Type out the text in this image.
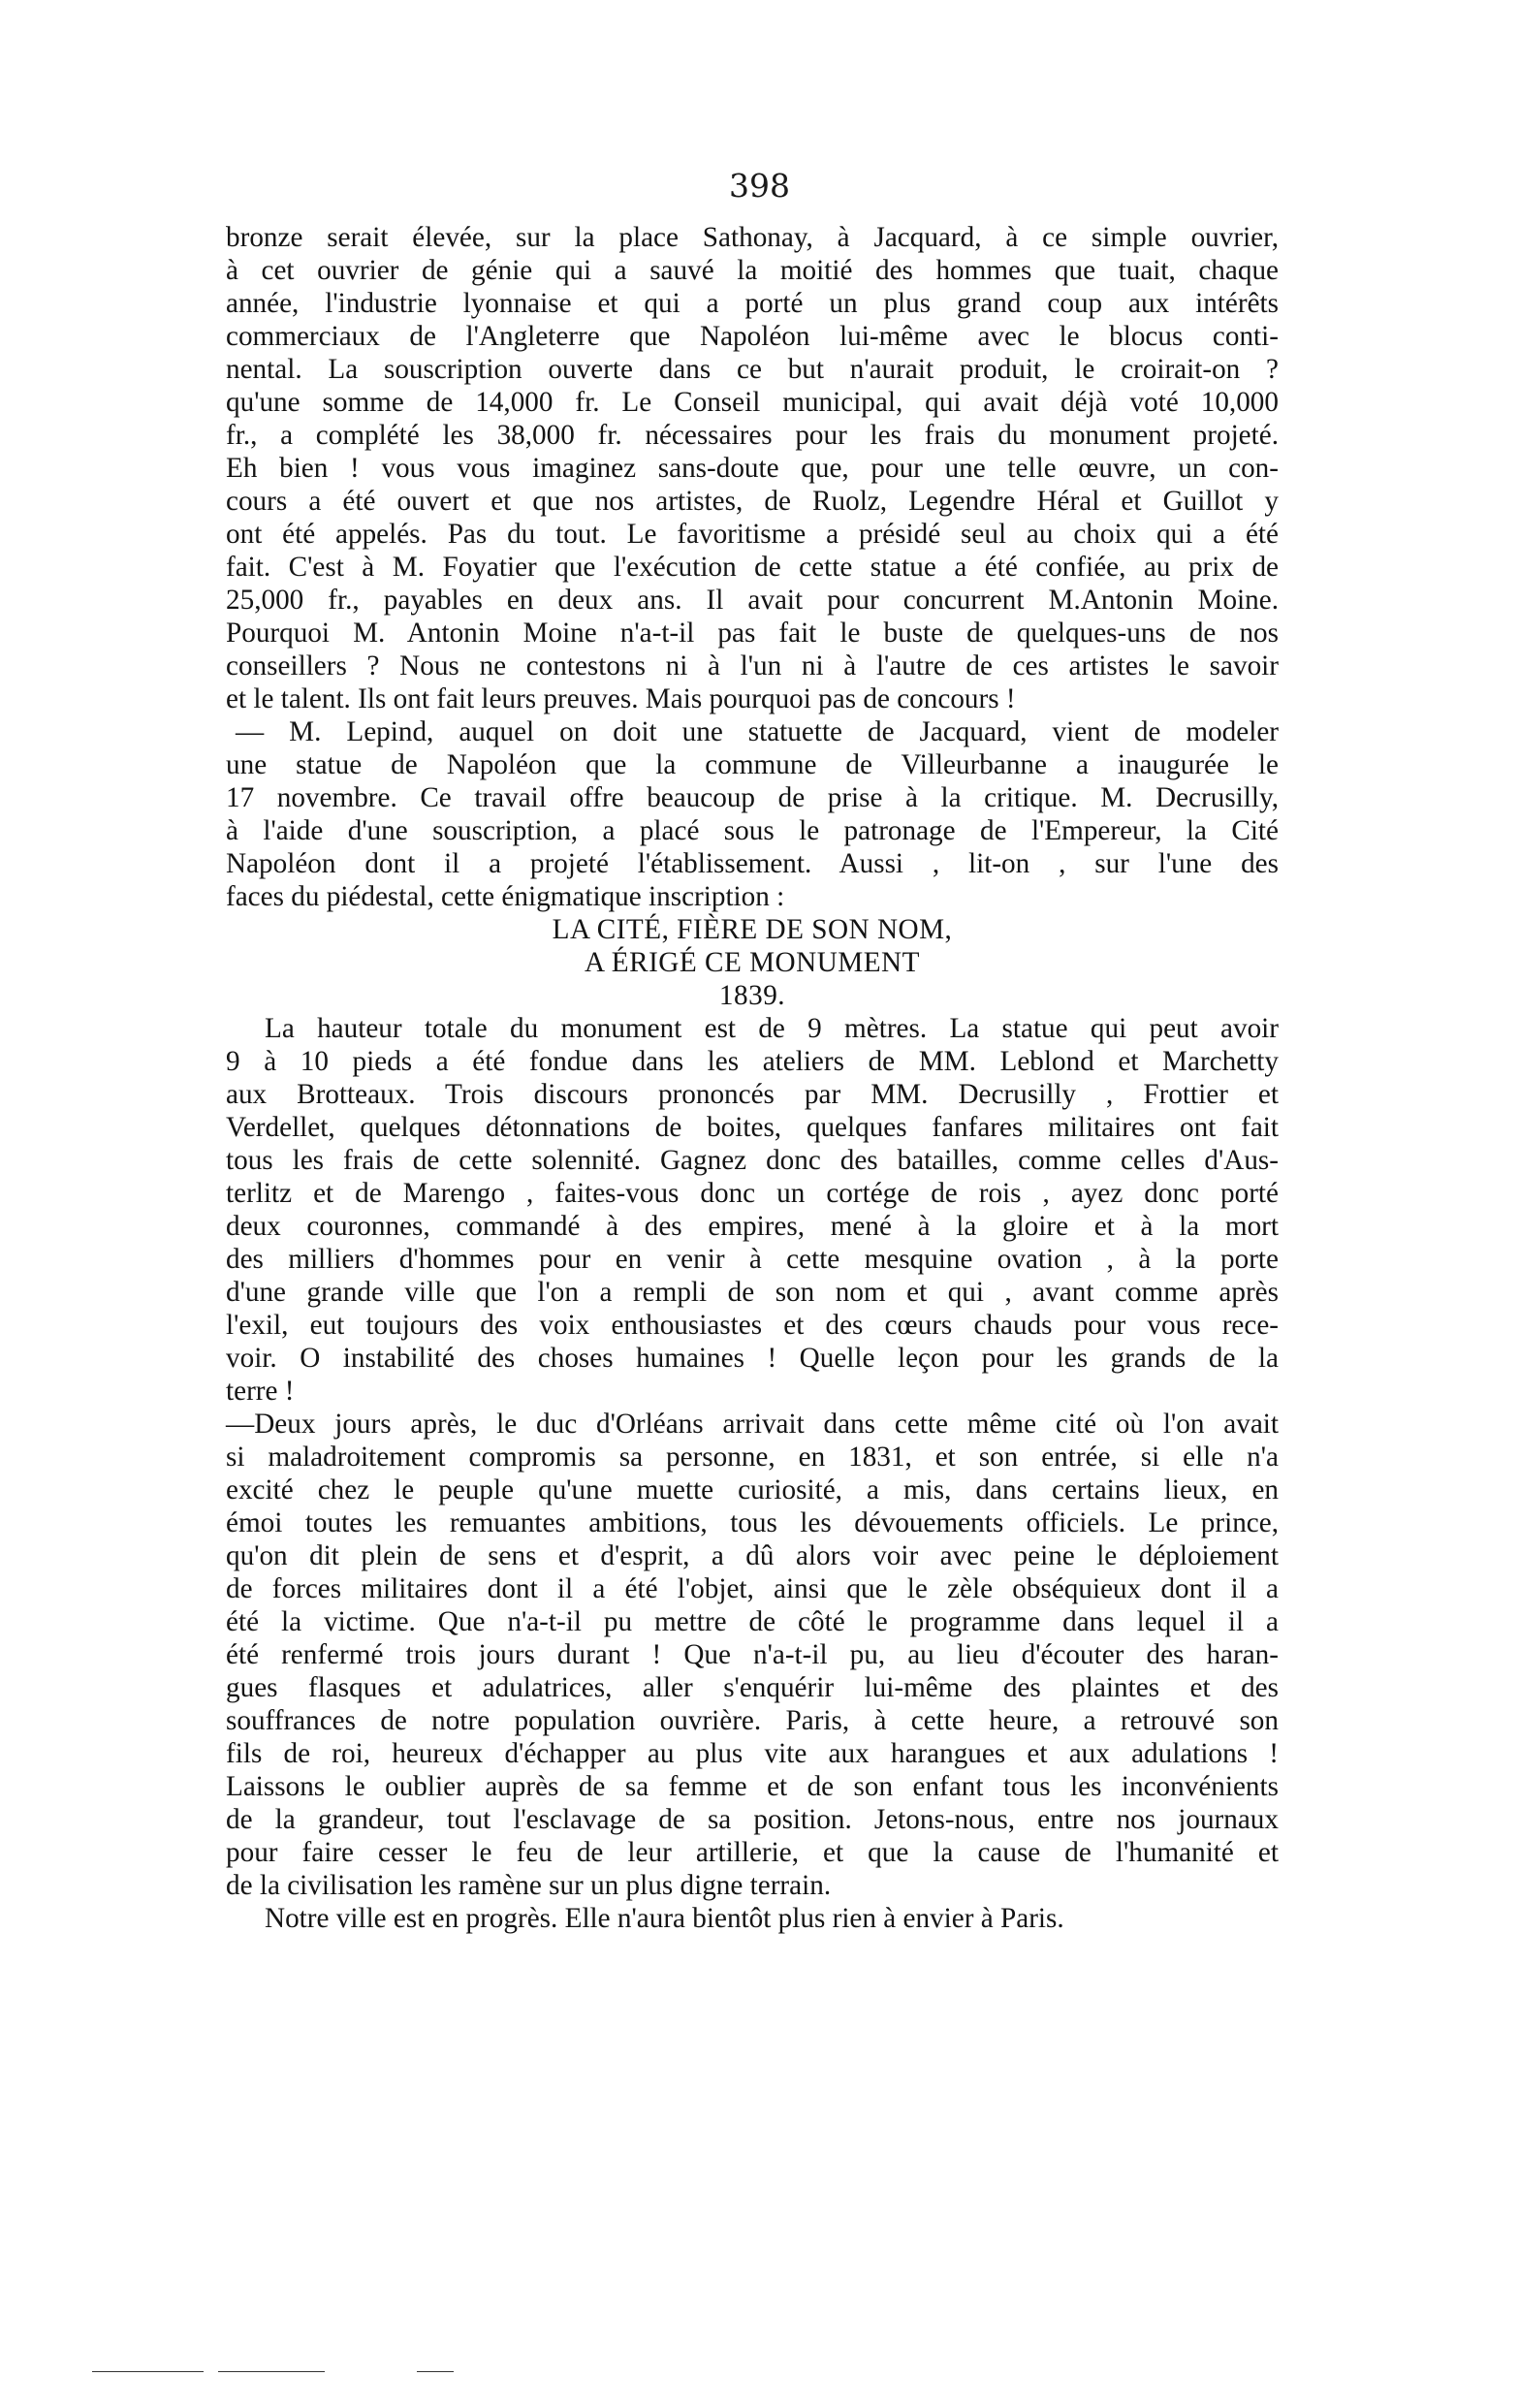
398
bronze serait élevée, sur la place Sathonay, à Jacquard, à ce simple ouvrier,
à cet ouvrier de génie qui a sauvé la moitié des hommes que tuait, chaque
année, l'industrie lyonnaise et qui a porté un plus grand coup aux intérêts
commerciaux de l'Angleterre que Napoléon lui-même avec le blocus conti-
nental. La souscription ouverte dans ce but n'aurait produit, le croirait-on ?
qu'une somme de 14,000 fr. Le Conseil municipal, qui avait déjà voté 10,000
fr., a complété les 38,000 fr. nécessaires pour les frais du monument projeté.
Eh bien ! vous vous imaginez sans-doute que, pour une telle œuvre, un con-
cours a été ouvert et que nos artistes, de Ruolz, Legendre Héral et Guillot y
ont été appelés. Pas du tout. Le favoritisme a présidé seul au choix qui a été
fait. C'est à M. Foyatier que l'exécution de cette statue a été confiée, au prix de
25,000 fr., payables en deux ans. Il avait pour concurrent M.Antonin Moine.
Pourquoi M. Antonin Moine n'a-t-il pas fait le buste de quelques-uns de nos
conseillers ? Nous ne contestons ni à l'un ni à l'autre de ces artistes le savoir
et le talent. Ils ont fait leurs preuves. Mais pourquoi pas de concours !
— M. Lepind, auquel on doit une statuette de Jacquard, vient de modeler
une statue de Napoléon que la commune de Villeurbanne a inaugurée le
17 novembre. Ce travail offre beaucoup de prise à la critique. M. Decrusilly,
à l'aide d'une souscription, a placé sous le patronage de l'Empereur, la Cité
Napoléon dont il a projeté l'établissement. Aussi , lit-on , sur l'une des
faces du piédestal, cette énigmatique inscription :
LA CITÉ, FIÈRE DE SON NOM,
A ÉRIGÉ CE MONUMENT
1839.
La hauteur totale du monument est de 9 mètres. La statue qui peut avoir
9 à 10 pieds a été fondue dans les ateliers de MM. Leblond et Marchetty
aux Brotteaux. Trois discours prononcés par MM. Decrusilly , Frottier et
Verdellet, quelques détonnations de boites, quelques fanfares militaires ont fait
tous les frais de cette solennité. Gagnez donc des batailles, comme celles d'Aus-
terlitz et de Marengo , faites-vous donc un cortége de rois , ayez donc porté
deux couronnes, commandé à des empires, mené à la gloire et à la mort
des milliers d'hommes pour en venir à cette mesquine ovation , à la porte
d'une grande ville que l'on a rempli de son nom et qui , avant comme après
l'exil, eut toujours des voix enthousiastes et des cœurs chauds pour vous rece-
voir. O instabilité des choses humaines ! Quelle leçon pour les grands de la
terre !
—Deux jours après, le duc d'Orléans arrivait dans cette même cité où l'on avait
si maladroitement compromis sa personne, en 1831, et son entrée, si elle n'a
excité chez le peuple qu'une muette curiosité, a mis, dans certains lieux, en
émoi toutes les remuantes ambitions, tous les dévouements officiels. Le prince,
qu'on dit plein de sens et d'esprit, a dû alors voir avec peine le déploiement
de forces militaires dont il a été l'objet, ainsi que le zèle obséquieux dont il a
été la victime. Que n'a-t-il pu mettre de côté le programme dans lequel il a
été renfermé trois jours durant ! Que n'a-t-il pu, au lieu d'écouter des haran-
gues flasques et adulatrices, aller s'enquérir lui-même des plaintes et des
souffrances de notre population ouvrière. Paris, à cette heure, a retrouvé son
fils de roi, heureux d'échapper au plus vite aux harangues et aux adulations !
Laissons le oublier auprès de sa femme et de son enfant tous les inconvénients
de la grandeur, tout l'esclavage de sa position. Jetons-nous, entre nos journaux
pour faire cesser le feu de leur artillerie, et que la cause de l'humanité et
de la civilisation les ramène sur un plus digne terrain.
Notre ville est en progrès. Elle n'aura bientôt plus rien à envier à Paris.
